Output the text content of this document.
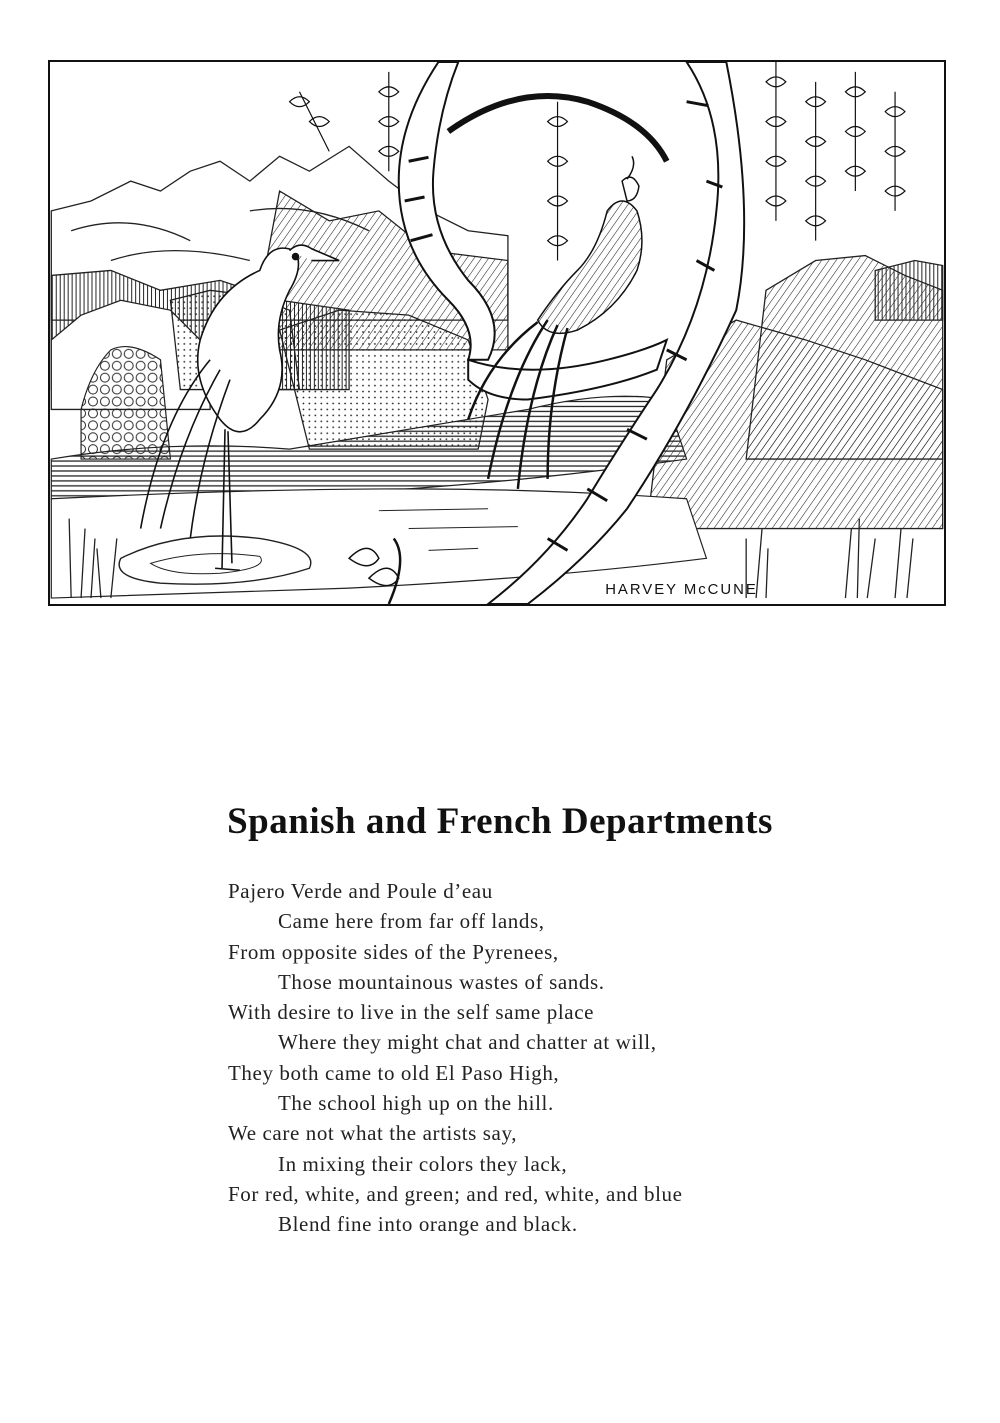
HARVEY McCUNE
Spanish and French Departments
Pajero Verde and Poule d’eau
Came here from far off lands,
From opposite sides of the Pyrenees,
Those mountainous wastes of sands.
With desire to live in the self same place
Where they might chat and chatter at will,
They both came to old El Paso High,
The school high up on the hill.
We care not what the artists say,
In mixing their colors they lack,
For red, white, and green; and red, white, and blue
Blend fine into orange and black.
